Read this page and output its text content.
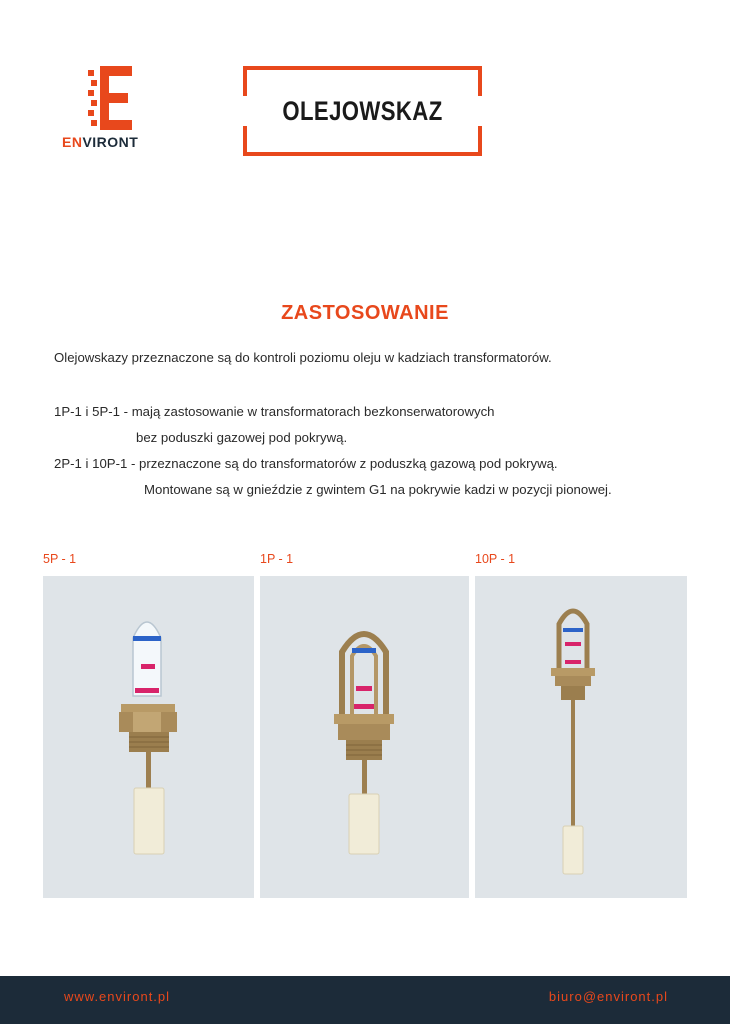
ENVIRONT
OLEJOWSKAZ
ZASTOSOWANIE
Olejowskazy przeznaczone są do kontroli poziomu oleju w kadziach transformatorów.
1P-1 i 5P-1 - mają zastosowanie w transformatorach bezkonserwatorowych
bez poduszki gazowej pod pokrywą.
2P-1 i 10P-1 - przeznaczone są do transformatorów z poduszką gazową pod pokrywą.
Montowane są w gnieździe z gwintem G1 na pokrywie kadzi w pozycji pionowej.
5P - 1	1P - 1	10P - 1
www.environt.pl	biuro@environt.pl
